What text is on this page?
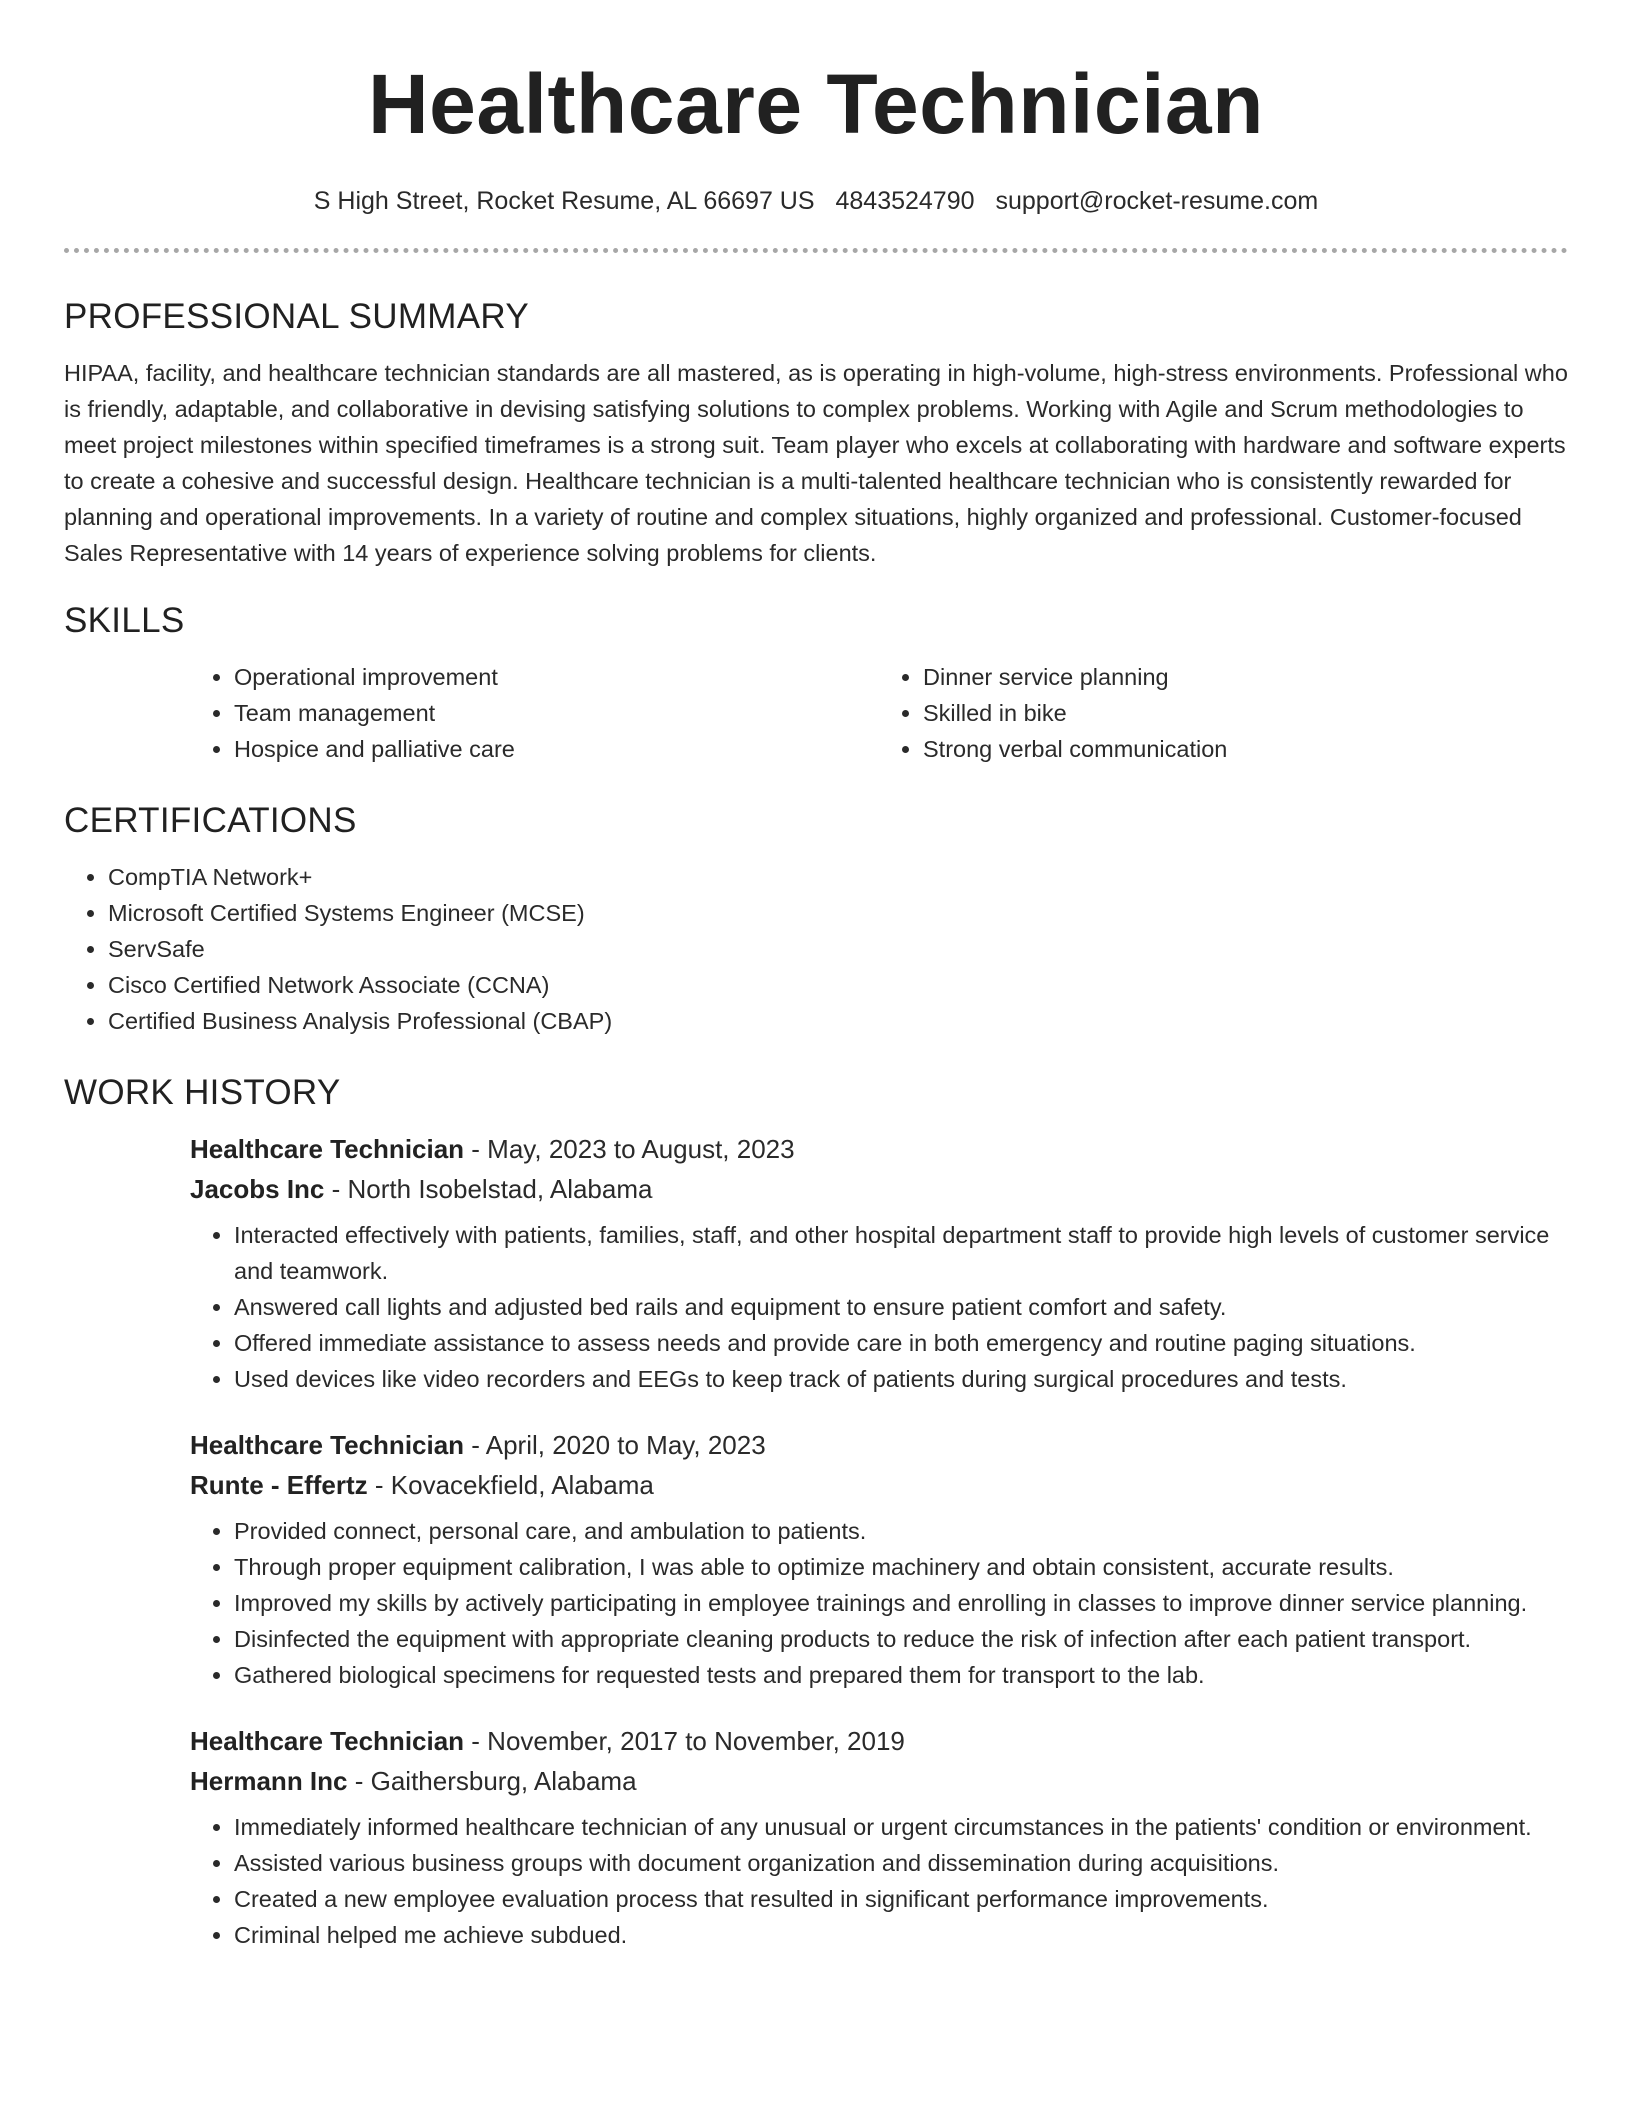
Healthcare Technician
S High Street, Rocket Resume, AL 66697 US 4843524790 support@rocket-resume.com
PROFESSIONAL SUMMARY

HIPAA, facility, and healthcare technician standards are all mastered, as is operating in high-volume, high-stress environments. Professional who is friendly, adaptable, and collaborative in devising satisfying solutions to complex problems. Working with Agile and Scrum methodologies to meet project milestones within specified timeframes is a strong suit. Team player who excels at collaborating with hardware and software experts to create a cohesive and successful design. Healthcare technician is a multi-talented healthcare technician who is consistently rewarded for planning and operational improvements. In a variety of routine and complex situations, highly organized and professional. Customer-focused Sales Representative with 14 years of experience solving problems for clients.

SKILLS
• Operational improvement
• Team management
• Hospice and palliative care
• Dinner service planning
• Skilled in bike
• Strong verbal communication
CERTIFICATIONS
• CompTIA Network+
• Microsoft Certified Systems Engineer (MCSE)
• ServSafe
• Cisco Certified Network Associate (CCNA)
• Certified Business Analysis Professional (CBAP)
WORK HISTORY
Healthcare Technician - May, 2023 to August, 2023
Jacobs Inc - North Isobelstad, Alabama
• Interacted effectively with patients, families, staff, and other hospital department staff to provide high levels of customer service and teamwork.
• Answered call lights and adjusted bed rails and equipment to ensure patient comfort and safety.
• Offered immediate assistance to assess needs and provide care in both emergency and routine paging situations.
• Used devices like video recorders and EEGs to keep track of patients during surgical procedures and tests.
Healthcare Technician - April, 2020 to May, 2023
Runte - Effertz - Kovacekfield, Alabama
• Provided connect, personal care, and ambulation to patients.
• Through proper equipment calibration, I was able to optimize machinery and obtain consistent, accurate results.
• Improved my skills by actively participating in employee trainings and enrolling in classes to improve dinner service planning.
• Disinfected the equipment with appropriate cleaning products to reduce the risk of infection after each patient transport.
• Gathered biological specimens for requested tests and prepared them for transport to the lab.
Healthcare Technician - November, 2017 to November, 2019
Hermann Inc - Gaithersburg, Alabama
• Immediately informed healthcare technician of any unusual or urgent circumstances in the patients' condition or environment.
• Assisted various business groups with document organization and dissemination during acquisitions.
• Created a new employee evaluation process that resulted in significant performance improvements.
• Criminal helped me achieve subdued.
